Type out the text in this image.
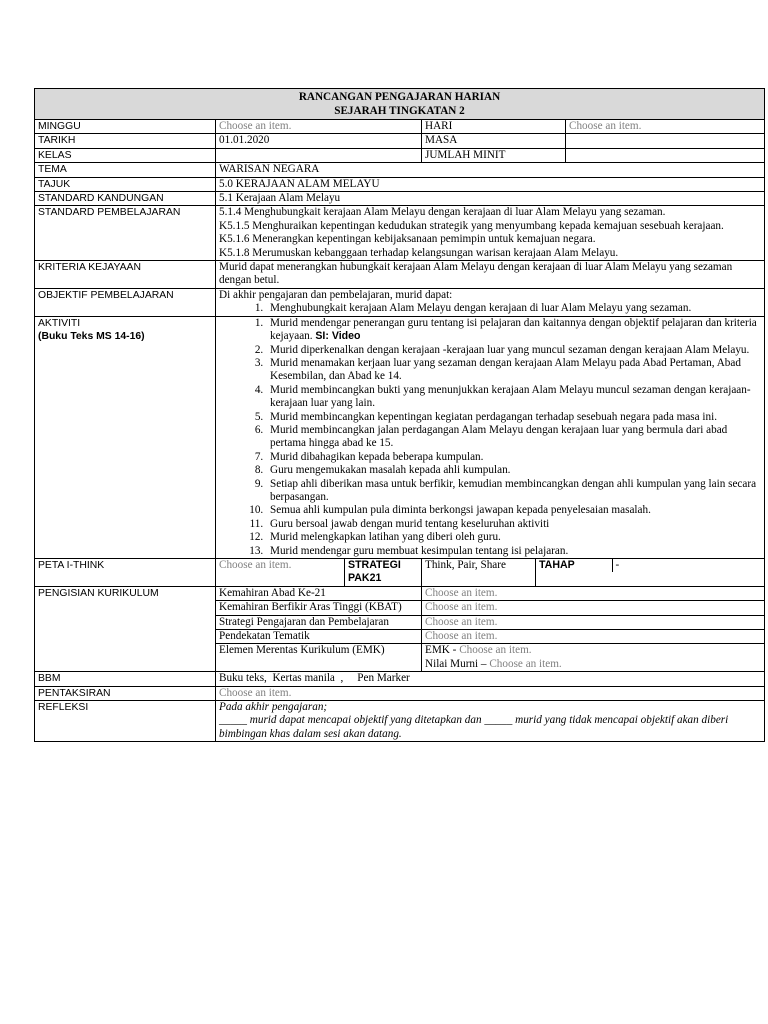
RANCANGAN PENGAJARAN HARIAN
SEJARAH TINGKATAN 2

MINGGU	Choose an item.	HARI	Choose an item.
TARIKH	01.01.2020	MASA	
KELAS		JUMLAH MINIT	
TEMA	WARISAN NEGARA
TAJUK	5.0 KERAJAAN ALAM MELAYU
STANDARD KANDUNGAN	5.1 Kerajaan Alam Melayu
STANDARD PEMBELAJARAN	5.1.4 Menghubungkait kerajaan Alam Melayu dengan kerajaan di luar Alam Melayu yang sezaman.
K5.1.5 Menghuraikan kepentingan kedudukan strategik yang menyumbang kepada kemajuan sesebuah kerajaan.
K5.1.6 Menerangkan kepentingan kebijaksanaan pemimpin untuk kemajuan negara.
K5.1.8 Merumuskan kebanggaan terhadap kelangsungan warisan kerajaan Alam Melayu.

KRITERIA KEJAYAAN	Murid dapat menerangkan hubungkait kerajaan Alam Melayu dengan kerajaan di luar Alam Melayu yang sezaman dengan betul.
OBJEKTIF PEMBELAJARAN	Di akhir pengajaran dan pembelajaran, murid dapat:
1. Menghubungkait kerajaan Alam Melayu dengan kerajaan di luar Alam Melayu yang sezaman.

AKTIVITI
(Buku Teks MS 14-16)

1. Murid mendengar penerangan guru tentang isi pelajaran dan kaitannya dengan objektif pelajaran dan kriteria kejayaan. SI: Video
2. Murid diperkenalkan dengan kerajaan -kerajaan luar yang muncul sezaman dengan kerajaan Alam Melayu.
3. Murid menamakan kerjaan luar yang sezaman dengan kerajaan Alam Melayu pada Abad Pertaman, Abad Kesembilan, dan Abad ke 14.
4. Murid membincangkan bukti yang menunjukkan kerajaan Alam Melayu muncul sezaman dengan kerajaan-kerajaan luar yang lain.
5. Murid membincangkan kepentingan kegiatan perdagangan terhadap sesebuah negara pada masa ini.
6. Murid membincangkan jalan perdagangan Alam Melayu dengan kerajaan luar yang bermula dari abad pertama hingga abad ke 15.
7. Murid dibahagikan kepada beberapa kumpulan.
8. Guru mengemukakan masalah kepada ahli kumpulan.
9. Setiap ahli diberikan masa untuk berfikir, kemudian membincangkan dengan ahli kumpulan yang lain secara berpasangan.
10. Semua ahli kumpulan pula diminta berkongsi jawapan kepada penyelesaian masalah.
11. Guru bersoal jawab dengan murid tentang keseluruhan aktiviti
12. Murid melengkapkan latihan yang diberi oleh guru.
13. Murid mendengar guru membuat kesimpulan tentang isi pelajaran.

PETA I-THINK	Choose an item.	STRATEGI PAK21	Think, Pair, Share		TAHAP	-

PENGISIAN KURIKULUM	Kemahiran Abad Ke-21	Choose an item.
Kemahiran Berfikir Aras Tinggi (KBAT)	Choose an item.
Strategi Pengajaran dan Pembelajaran	Choose an item.
Pendekatan Tematik	Choose an item.
Elemen Merentas Kurikulum (EMK)	EMK - Choose an item.
Nilai Murni – Choose an item.

BBM	Buku teks,  Kertas manila  ,     Pen Marker
PENTAKSIRAN	Choose an item.
REFLEKSI	Pada akhir pengajaran;
_____ murid dapat mencapai objektif yang ditetapkan dan _____ murid yang tidak mencapai objektif akan diberi bimbingan khas dalam sesi akan datang.
